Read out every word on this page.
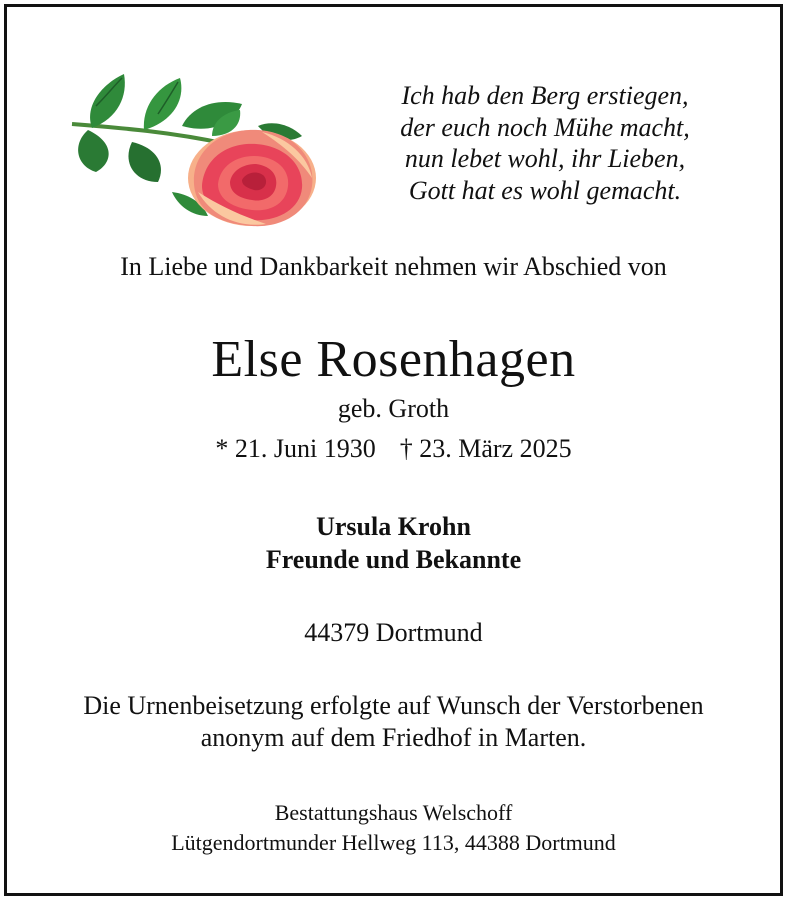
Ich hab den Berg erstiegen,
der euch noch Mühe macht,
nun lebet wohl, ihr Lieben,
Gott hat es wohl gemacht.
In Liebe und Dankbarkeit nehmen wir Abschied von
Else Rosenhagen
geb. Groth
* 21. Juni 1930 † 23. März 2025
Ursula Krohn
Freunde und Bekannte
44379 Dortmund
Die Urnenbeisetzung erfolgte auf Wunsch der Verstorbenen
anonym auf dem Friedhof in Marten.
Bestattungshaus Welschoff
Lütgendortmunder Hellweg 113, 44388 Dortmund
